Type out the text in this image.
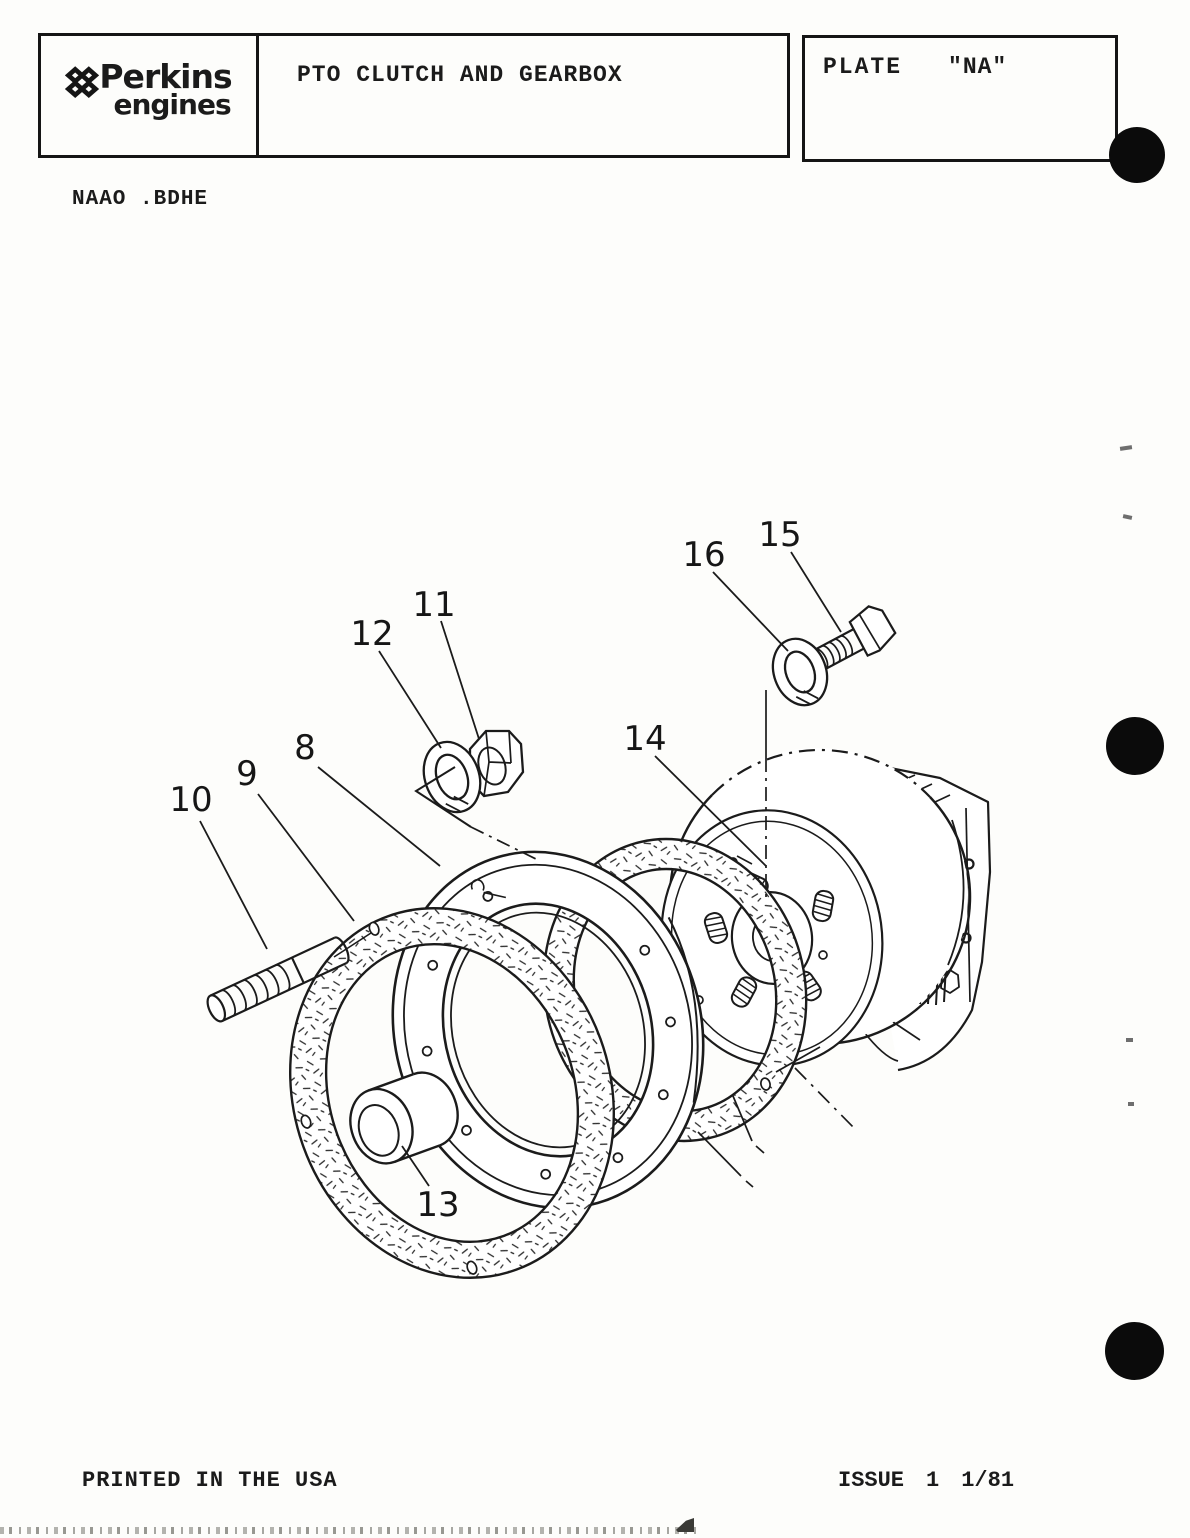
Perkins
engines
PTO CLUTCH AND GEARBOX	PLATE "NA"
NAAO .BDHE
8
9
10
11
12
13
14
15
16
PRINTED IN THE USA	ISSUE 1 1/81
